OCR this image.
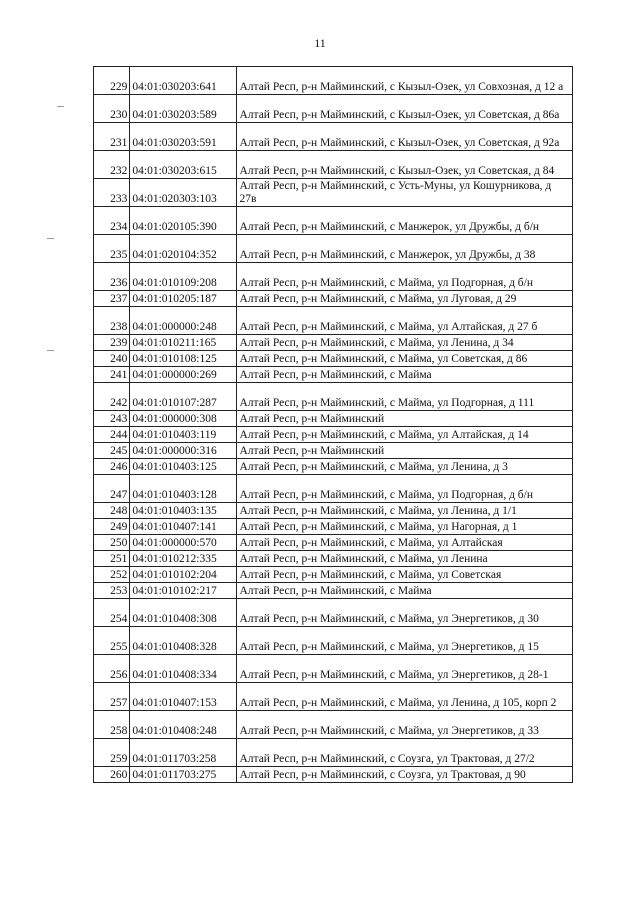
11
229	04:01:030203:641	Алтай Респ, р-н Майминский, с Кызыл-Озек, ул Совхозная, д 12 а
230	04:01:030203:589	Алтай Респ, р-н Майминский, с Кызыл-Озек, ул Советская, д 86а
231	04:01:030203:591	Алтай Респ, р-н Майминский, с Кызыл-Озек, ул Советская, д 92а
232	04:01:030203:615	Алтай Респ, р-н Майминский, с Кызыл-Озек, ул Советская, д 84
233	04:01:020303:103	Алтай Респ, р-н Майминский, с Усть-Муны, ул Кошурникова, д 27в
234	04:01:020105:390	Алтай Респ, р-н Майминский, с Манжерок, ул Дружбы, д б/н
235	04:01:020104:352	Алтай Респ, р-н Майминский, с Манжерок, ул Дружбы, д 38
236	04:01:010109:208	Алтай Респ, р-н Майминский, с Майма, ул Подгорная, д б/н
237	04:01:010205:187	Алтай Респ, р-н Майминский, с Майма, ул Луговая, д 29
238	04:01:000000:248	Алтай Респ, р-н Майминский, с Майма, ул Алтайская, д 27 б
239	04:01:010211:165	Алтай Респ, р-н Майминский, с Майма, ул Ленина, д 34
240	04:01:010108:125	Алтай Респ, р-н Майминский, с Майма, ул Советская, д 86
241	04:01:000000:269	Алтай Респ, р-н Майминский, с Майма
242	04:01:010107:287	Алтай Респ, р-н Майминский, с Майма, ул Подгорная, д 111
243	04:01:000000:308	Алтай Респ, р-н Майминский
244	04:01:010403:119	Алтай Респ, р-н Майминский, с Майма, ул Алтайская, д 14
245	04:01:000000:316	Алтай Респ, р-н Майминский
246	04:01:010403:125	Алтай Респ, р-н Майминский, с Майма, ул Ленина, д 3
247	04:01:010403:128	Алтай Респ, р-н Майминский, с Майма, ул Подгорная, д б/н
248	04:01:010403:135	Алтай Респ, р-н Майминский, с Майма, ул Ленина, д 1/1
249	04:01:010407:141	Алтай Респ, р-н Майминский, с Майма, ул Нагорная, д 1
250	04:01:000000:570	Алтай Респ, р-н Майминский, с Майма, ул Алтайская
251	04:01:010212:335	Алтай Респ, р-н Майминский, с Майма, ул Ленина
252	04:01:010102:204	Алтай Респ, р-н Майминский, с Майма, ул Советская
253	04:01:010102:217	Алтай Респ, р-н Майминский, с Майма
254	04:01:010408:308	Алтай Респ, р-н Майминский, с Майма, ул Энергетиков, д 30
255	04:01:010408:328	Алтай Респ, р-н Майминский, с Майма, ул Энергетиков, д 15
256	04:01:010408:334	Алтай Респ, р-н Майминский, с Майма, ул Энергетиков, д 28-1
257	04:01:010407:153	Алтай Респ, р-н Майминский, с Майма, ул Ленина, д 105, корп 2
258	04:01:010408:248	Алтай Респ, р-н Майминский, с Майма, ул Энергетиков, д 33
259	04:01:011703:258	Алтай Респ, р-н Майминский, с Соузга, ул Трактовая, д 27/2
260	04:01:011703:275	Алтай Респ, р-н Майминский, с Соузга, ул Трактовая, д 90
